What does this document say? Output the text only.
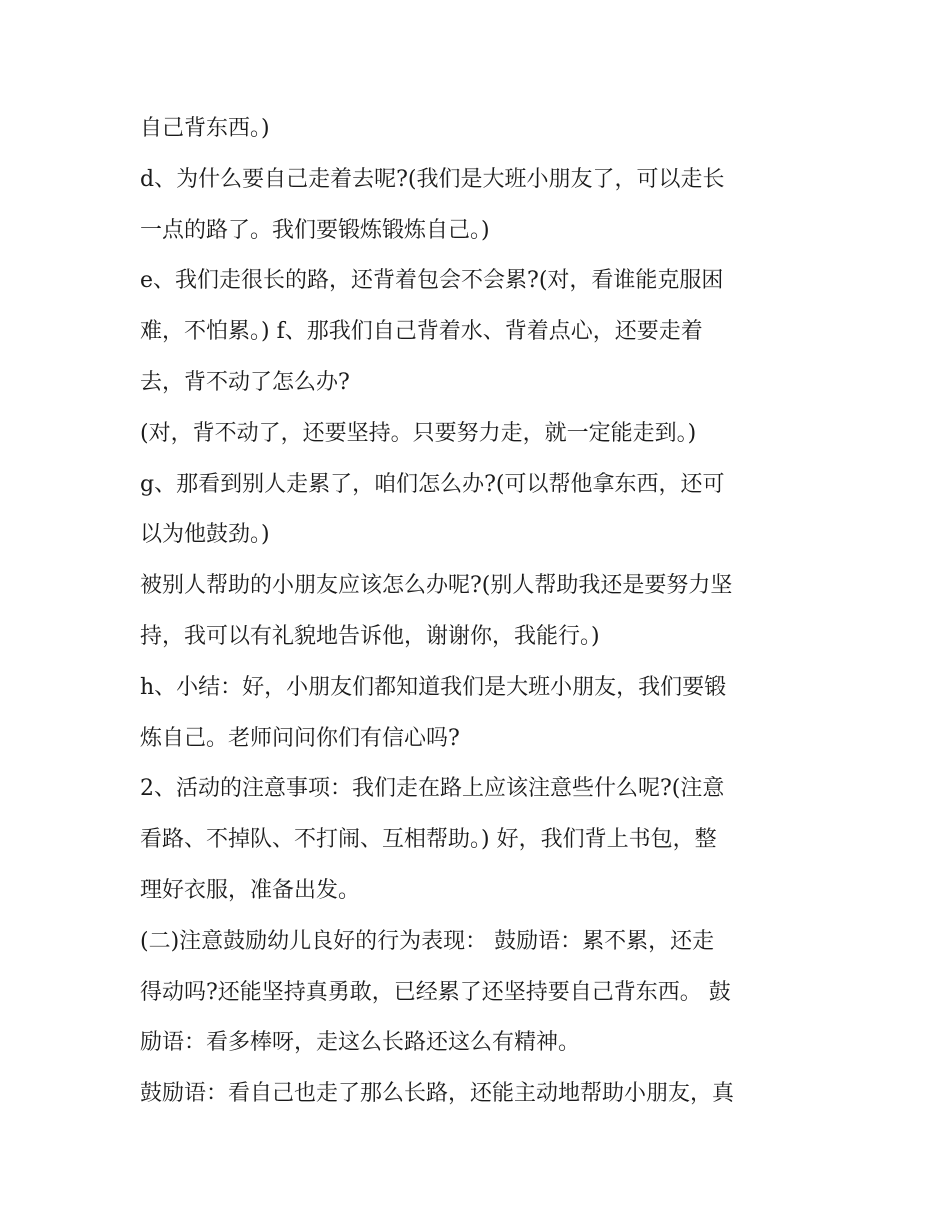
自己背东西。)
d、为什么要自己走着去呢?(我们是大班小朋友了，可以走长
一点的路了。我们要锻炼锻炼自己。)
e、我们走很长的路，还背着包会不会累?(对，看谁能克服困
难，不怕累。) f、那我们自己背着水、背着点心，还要走着
去，背不动了怎么办?
(对，背不动了，还要坚持。只要努力走，就一定能走到。)
g、那看到别人走累了，咱们怎么办?(可以帮他拿东西，还可
以为他鼓劲。)
被别人帮助的小朋友应该怎么办呢?(别人帮助我还是要努力坚
持，我可以有礼貌地告诉他，谢谢你，我能行。)
h、小结：好，小朋友们都知道我们是大班小朋友，我们要锻
炼自己。老师问问你们有信心吗?
2、活动的注意事项：我们走在路上应该注意些什么呢?(注意
看路、不掉队、不打闹、互相帮助。) 好，我们背上书包，整
理好衣服，准备出发。
(二)注意鼓励幼儿良好的行为表现： 鼓励语：累不累，还走
得动吗?还能坚持真勇敢，已经累了还坚持要自己背东西。 鼓
励语：看多棒呀，走这么长路还这么有精神。
鼓励语：看自己也走了那么长路，还能主动地帮助小朋友，真
